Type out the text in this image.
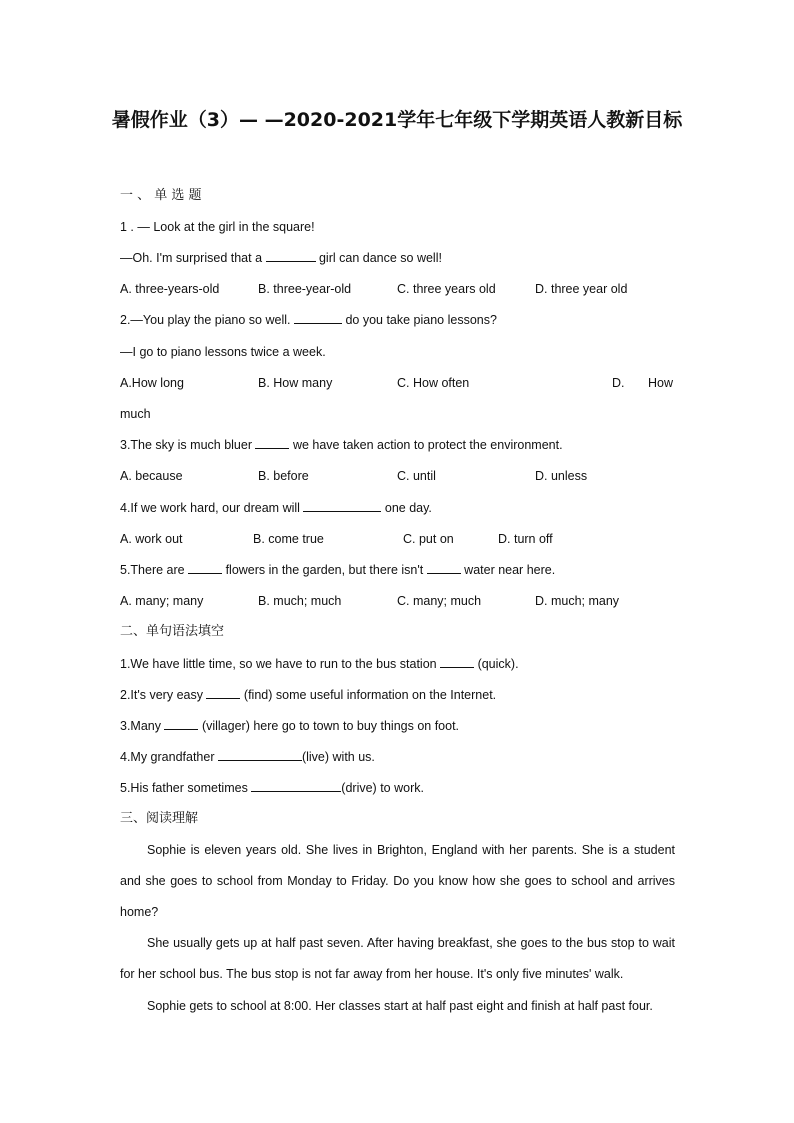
暑假作业（3）— —2020-2021学年七年级下学期英语人教新目标
一 、 单 选 题
1 . — Look at the girl in the square!
—Oh. I'm surprised that a	girl can dance so well!
A. three-years-old	B. three-year-old	C. three years old	D. three year old
2.—You play the piano so well.	do you take piano lessons?
—I go to piano lessons twice a week.
A.How long	B. How many	C. How often	D. How
much
3.The sky is much bluer	we have taken action to protect the environment.
A. because	B. before	C. until	D. unless
4.If we work hard, our dream will	one day.
A. work out	B. come true	C. put on	D. turn off
5.There are	flowers in the garden, but there isn't	water near here.
A. many; many	B. much; much	C. many; much	D. much; many
二、单句语法填空
1.We have little time, so we have to run to the bus station	(quick).
2.It's very easy	(find) some useful information on the Internet.
3.Many	(villager) here go to town to buy things on foot.
4.My grandfather	(live) with us.
5.His father sometimes	(drive) to work.
三、阅读理解
Sophie is eleven years old. She lives in Brighton, England with her parents. She is a student and she goes to school from Monday to Friday. Do you know how she goes to school and arrives home?
She usually gets up at half past seven. After having breakfast, she goes to the bus stop to wait for her school bus. The bus stop is not far away from her house. It's only five minutes' walk.
Sophie gets to school at 8:00. Her classes start at half past eight and finish at half past four.
